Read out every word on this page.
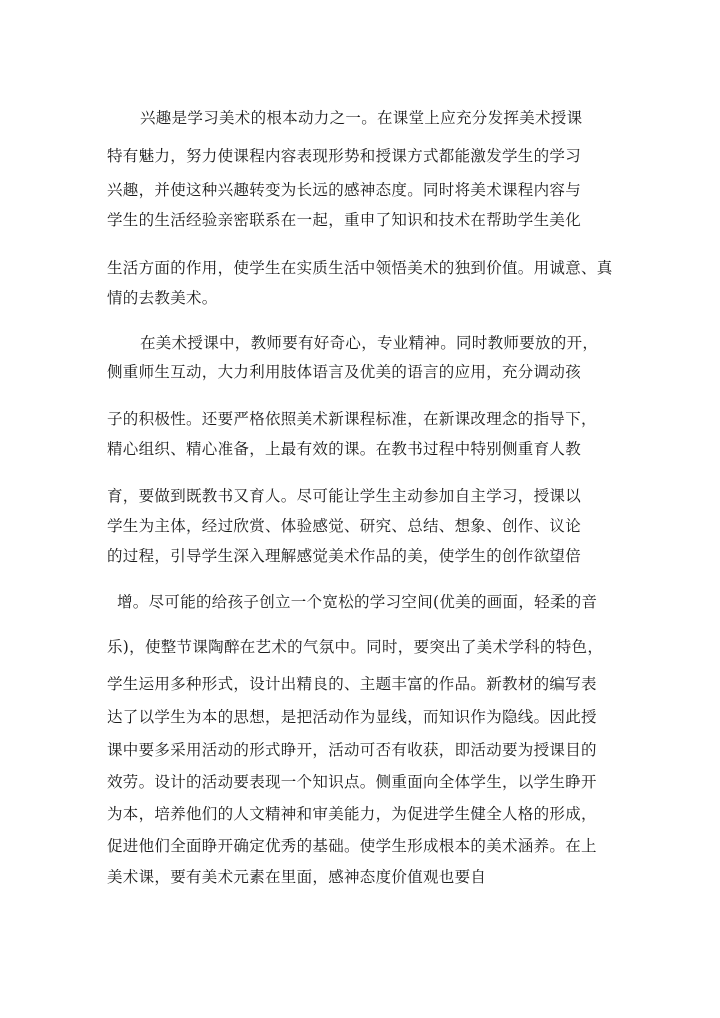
兴趣是学习美术的根本动力之一。在课堂上应充分发挥美术授课
特有魅力，努力使课程内容表现形势和授课方式都能激发学生的学习
兴趣，并使这种兴趣转变为长远的感神态度。同时将美术课程内容与
学生的生活经验亲密联系在一起，重申了知识和技术在帮助学生美化
生活方面的作用，使学生在实质生活中领悟美术的独到价值。用诚意、真
情的去教美术。
在美术授课中，教师要有好奇心，专业精神。同时教师要放的开，
侧重师生互动，大力利用肢体语言及优美的语言的应用，充分调动孩
子的积极性。还要严格依照美术新课程标准，在新课改理念的指导下，
精心组织、精心准备，上最有效的课。在教书过程中特别侧重育人教
育，要做到既教书又育人。尽可能让学生主动参加自主学习，授课以
学生为主体，经过欣赏、体验感觉、研究、总结、想象、创作、议论
的过程，引导学生深入理解感觉美术作品的美，使学生的创作欲望倍
增。尽可能的给孩子创立一个宽松的学习空间(优美的画面，轻柔的音
乐)，使整节课陶醉在艺术的气氛中。同时，要突出了美术学科的特色，
学生运用多种形式，设计出精良的、主题丰富的作品。新教材的编写表
达了以学生为本的思想，是把活动作为显线，而知识作为隐线。因此授
课中要多采用活动的形式睁开，活动可否有收获，即活动要为授课目的
效劳。设计的活动要表现一个知识点。侧重面向全体学生，以学生睁开
为本，培养他们的人文精神和审美能力，为促进学生健全人格的形成，
促进他们全面睁开确定优秀的基础。使学生形成根本的美术涵养。在上
美术课，要有美术元素在里面，感神态度价值观也要自
